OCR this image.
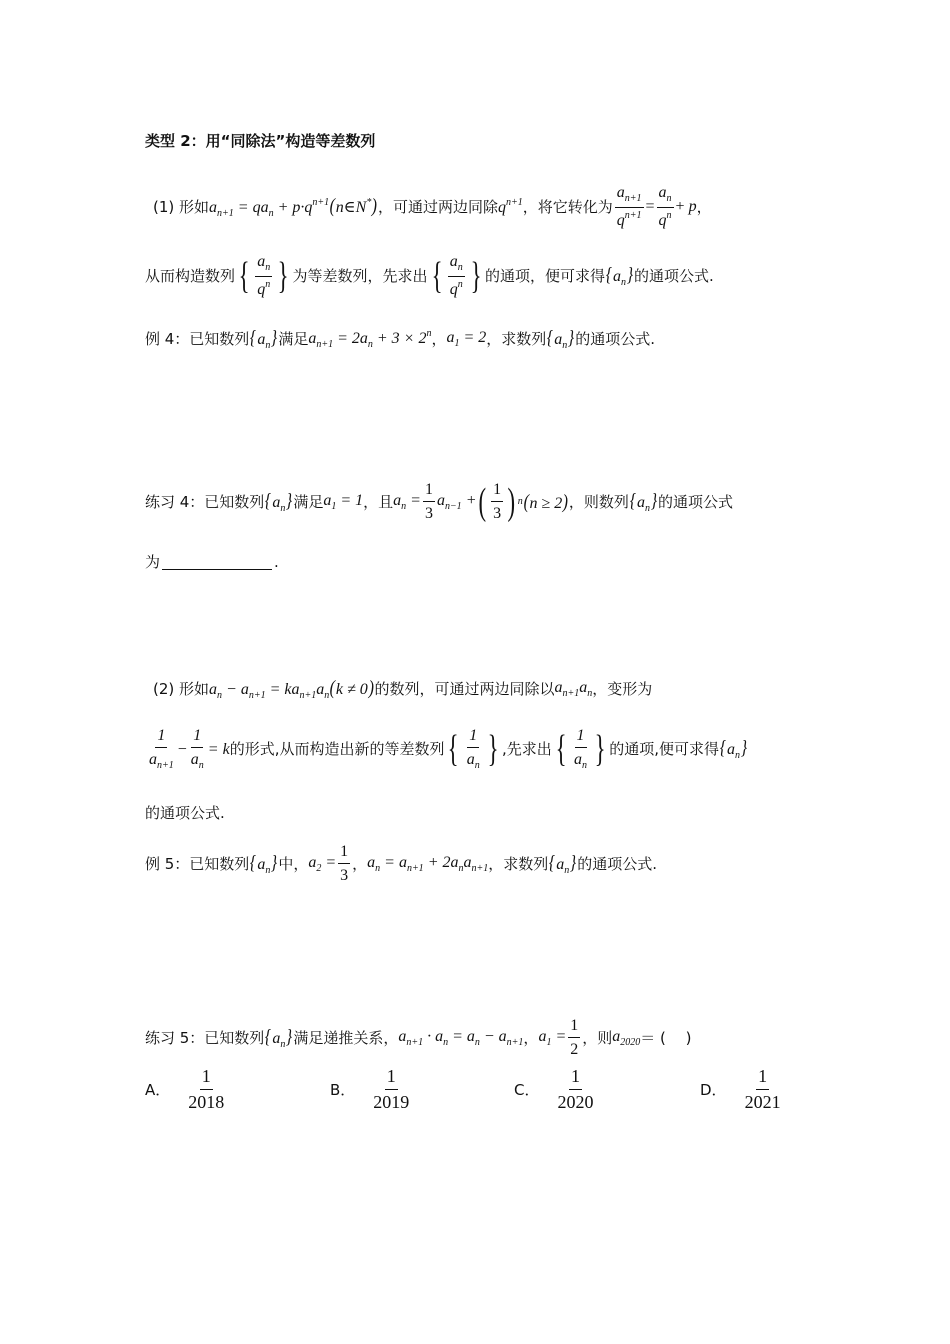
类型 2：用“同除法”构造等差数列
(1) 形如 $a_{n+1} = qa_n$ + $p\cdot q^{n+1}(n\in N^*)$ ，可通过两边同除 $q^{n+1}$ ，将它转化为 $\frac{a_{n+1}}{q^{n+1}} = \frac{a_n}{q^n} + p$ ，
从而构造数列 { $\frac{a_n}{q^n}$ } 为等差数列，先求出 { $\frac{a_n}{q^n}$ } 的通项，便可求得 $\{a_n\}$ 的通项公式.
例 4：已知数列 $\{a_n\}$ 满足 $a_{n+1} = 2a_n + 3 \times 2^n$ ， $a_1 = 2$ ，求数列 $\{a_n\}$ 的通项公式.
练习 4：已知数列 $\{a_n\}$ 满足 $a_1 = 1$ ，且 $a_n = \frac{1}{3} a_{n-1}$ + ( $\frac{1}{3}$ ) n (n ≥ 2) ，则数列 $\{a_n\}$ 的通项公式
为	.
(2) 形如 $a_n - a_{n+1} = ka_{n+1}a_n(k \ne 0)$ 的数列，可通过两边同除以 $a_{n+1}a_n$ ，变形为
$\frac{1}{a_{n+1}} - \frac{1}{a_n} = k$ 的形式,从而构造出新的等差数列 { $\frac{1}{a_n}$ } ,先求出 { $\frac{1}{a_n}$ } 的通项,便可求得 $\{a_n\}$
的通项公式.
例 5：已知数列 $\{a_n\}$ 中， $a_2 = \frac{1}{3}$ ， $a_n = a_{n+1} + 2a_na_{n+1}$ ，求数列 $\{a_n\}$ 的通项公式.
练习 5：已知数列 $\{a_n\}$ 满足递推关系， $a_{n+1} \cdot a_n = a_n - a_{n+1}$ ， $a_1 = \frac{1}{2}$ ，则 $a_{2020}$ ＝ (　 )
A． $\frac{1}{2018}$	B． $\frac{1}{2019}$	C． $\frac{1}{2020}$	D． $\frac{1}{2021}$
